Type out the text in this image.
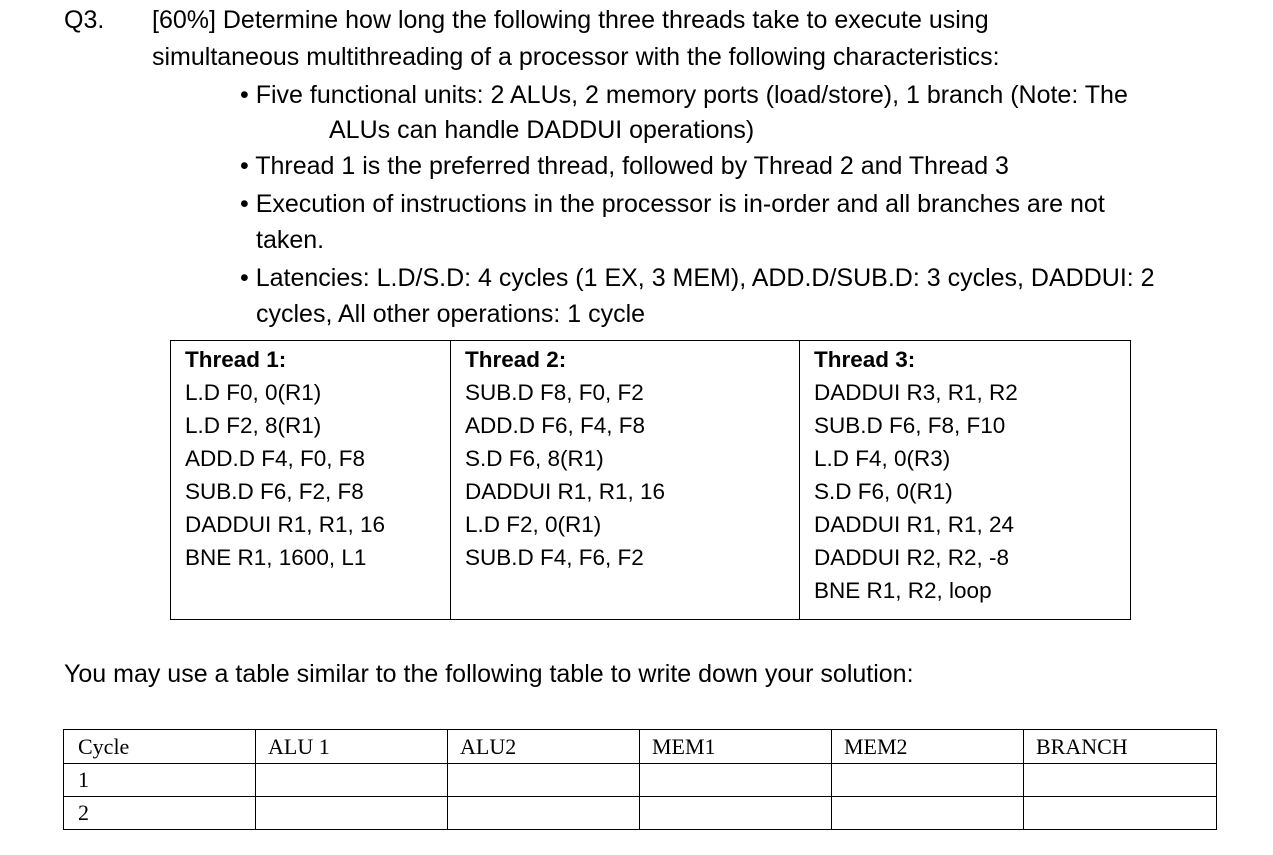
Q3. [60%] Determine how long the following three threads take to execute using
simultaneous multithreading of a processor with the following characteristics:
• Five functional units: 2 ALUs, 2 memory ports (load/store), 1 branch (Note: The
ALUs can handle DADDUI operations)
• Thread 1 is the preferred thread, followed by Thread 2 and Thread 3
• Execution of instructions in the processor is in-order and all branches are not
taken.
• Latencies: L.D/S.D: 4 cycles (1 EX, 3 MEM), ADD.D/SUB.D: 3 cycles, DADDUI: 2
cycles, All other operations: 1 cycle
Thread 1:
L.D F0, 0(R1)
L.D F2, 8(R1)
ADD.D F4, F0, F8
SUB.D F6, F2, F8
DADDUI R1, R1, 16
BNE R1, 1600, L1
Thread 2:
SUB.D F8, F0, F2
ADD.D F6, F4, F8
S.D F6, 8(R1)
DADDUI R1, R1, 16
L.D F2, 0(R1)
SUB.D F4, F6, F2
Thread 3:
DADDUI R3, R1, R2
SUB.D F6, F8, F10
L.D F4, 0(R3)
S.D F6, 0(R1)
DADDUI R1, R1, 24
DADDUI R2, R2, -8
BNE R1, R2, loop
You may use a table similar to the following table to write down your solution:
Cycle	ALU 1	ALU2	MEM1	MEM2	BRANCH
1					
2					
